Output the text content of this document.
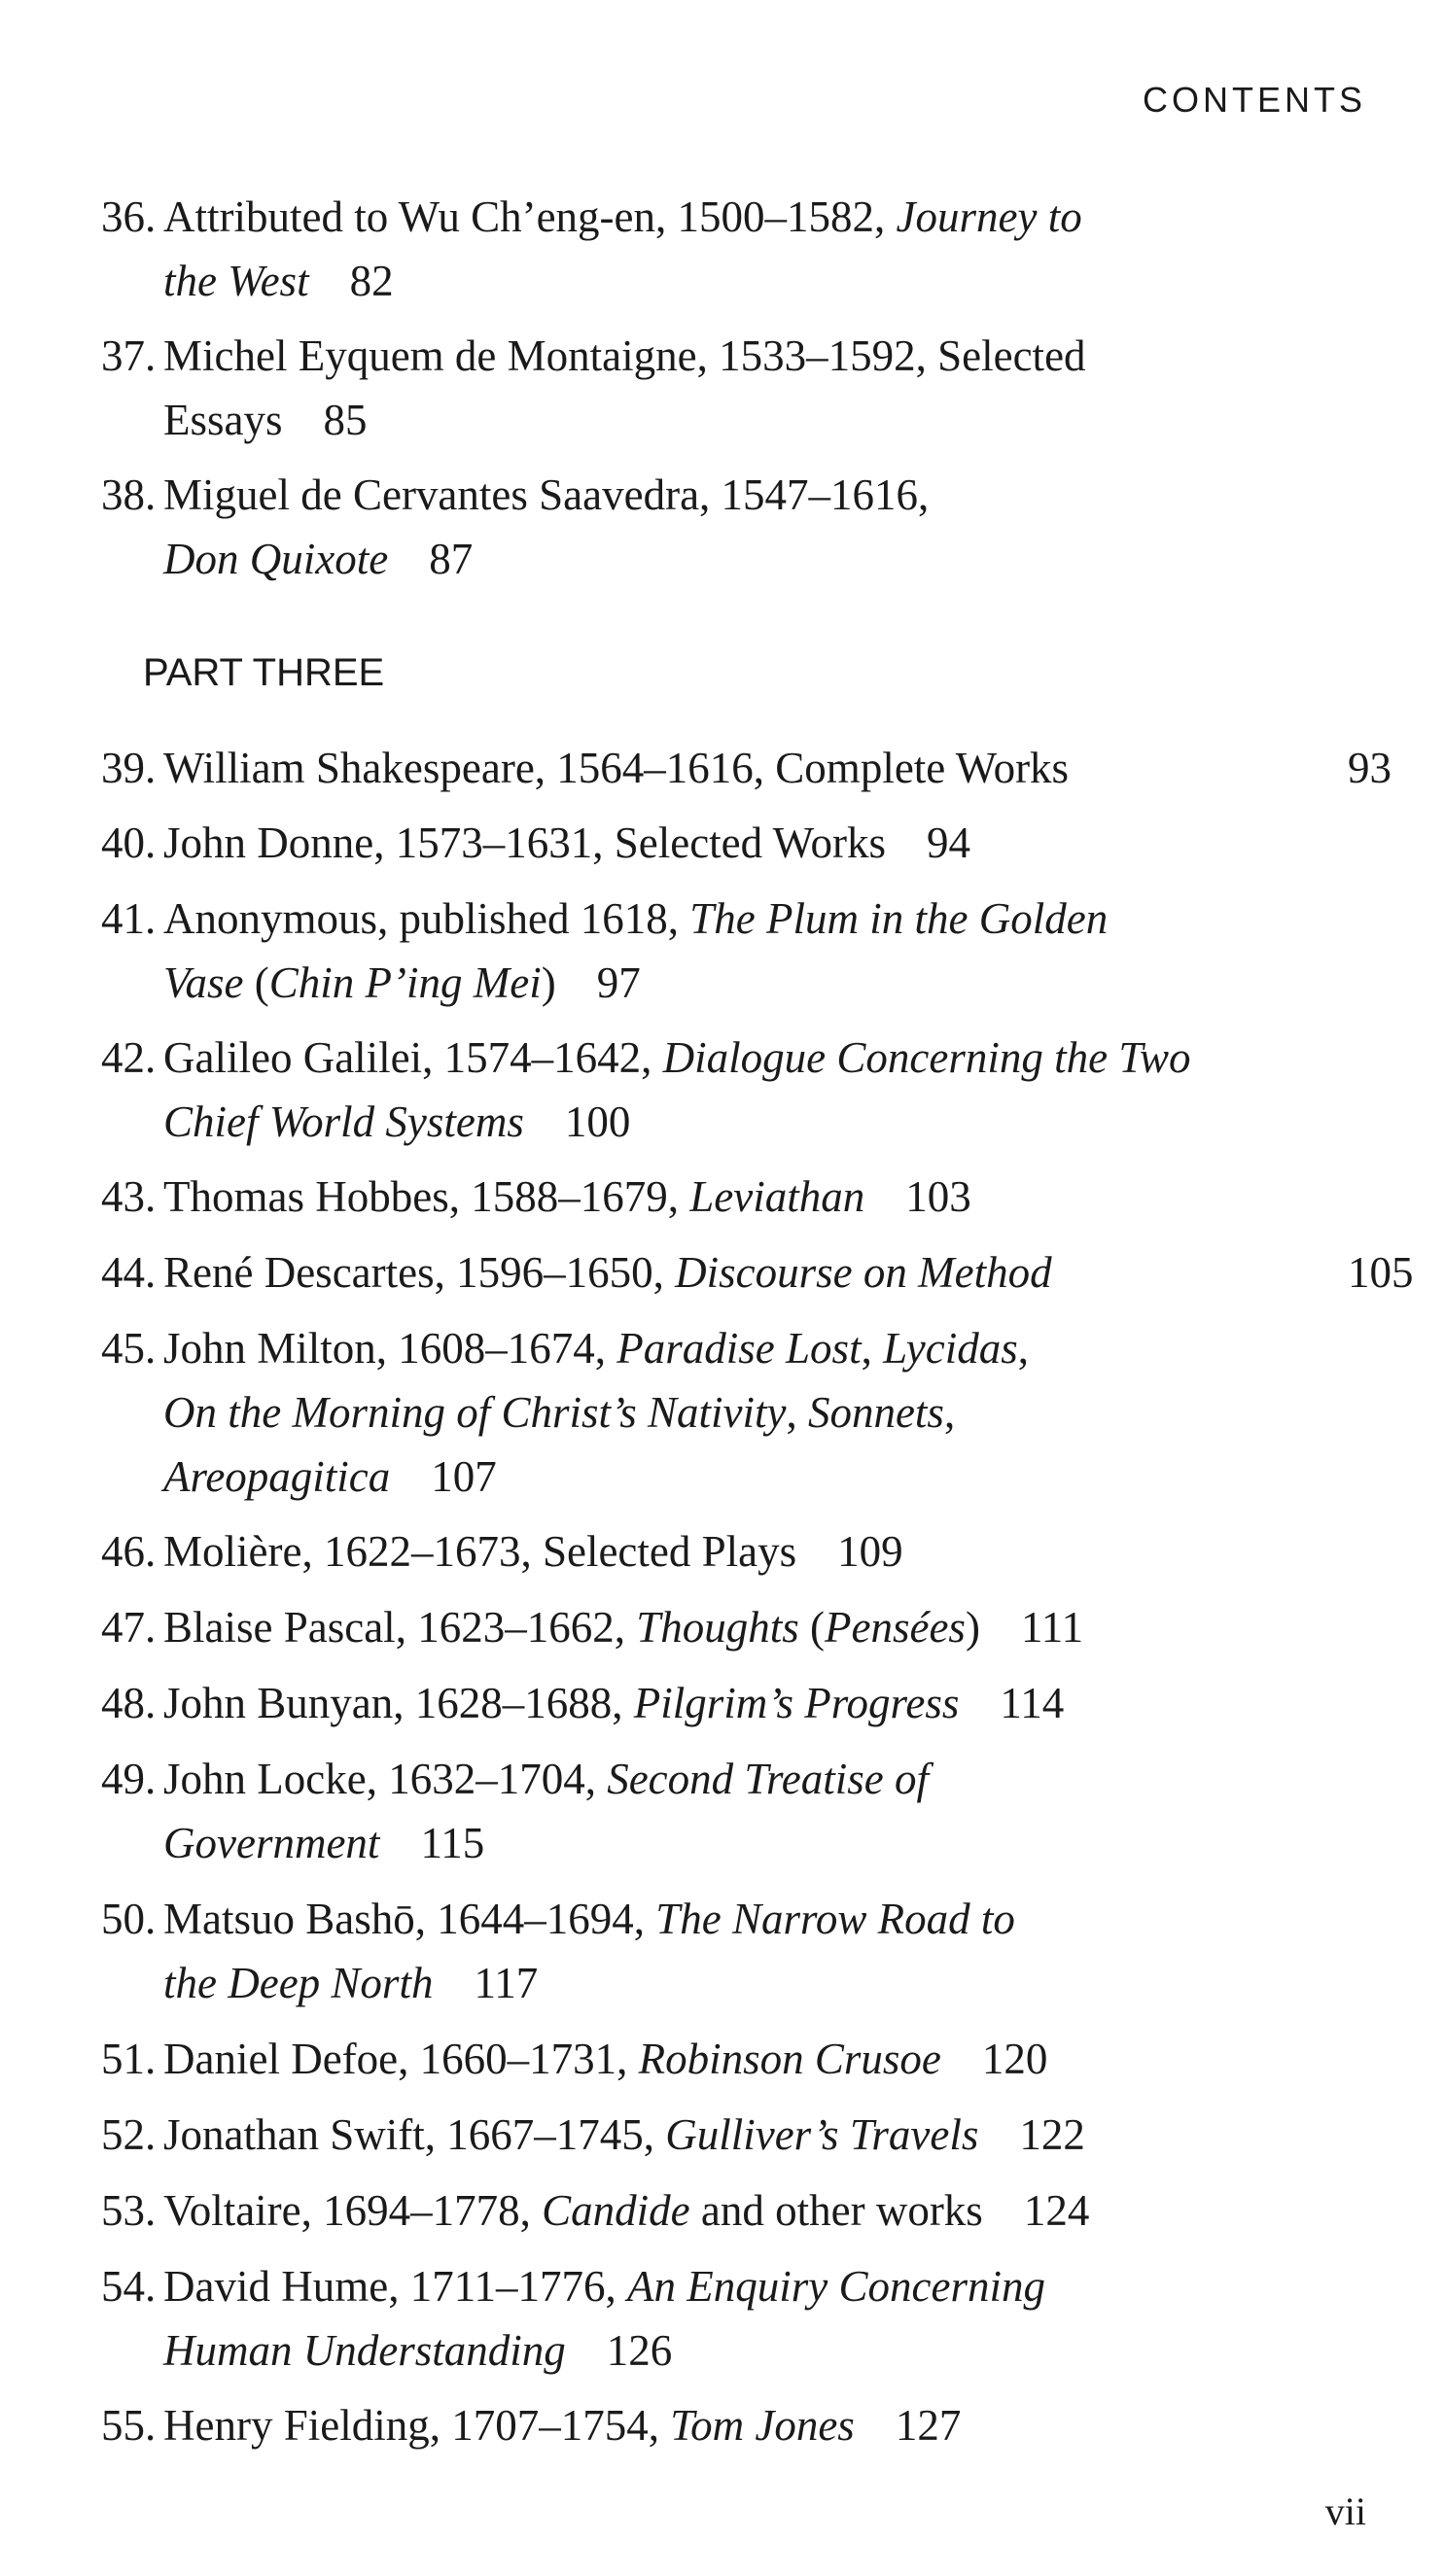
CONTENTS
PART THREE
36. Attributed to Wu Ch’eng-en, 1500–1582, Journey to
the West 82
37. Michel Eyquem de Montaigne, 1533–1592, Selected
Essays 85
38. Miguel de Cervantes Saavedra, 1547–1616,
Don Quixote 87
39. William Shakespeare, 1564–1616, Complete Works	93
40. John Donne, 1573–1631, Selected Works 94
41. Anonymous, published 1618, The Plum in the Golden
Vase (Chin P’ing Mei) 97
42. Galileo Galilei, 1574–1642, Dialogue Concerning the Two
Chief World Systems 100
43. Thomas Hobbes, 1588–1679, Leviathan 103
44. René Descartes, 1596–1650, Discourse on Method	105
45. John Milton, 1608–1674, Paradise Lost, Lycidas,
On the Morning of Christ’s Nativity, Sonnets,
Areopagitica 107
46. Molière, 1622–1673, Selected Plays 109
47. Blaise Pascal, 1623–1662, Thoughts (Pensées) 111
48. John Bunyan, 1628–1688, Pilgrim’s Progress 114
49. John Locke, 1632–1704, Second Treatise of
Government 115
50. Matsuo Bashō, 1644–1694, The Narrow Road to
the Deep North 117
51. Daniel Defoe, 1660–1731, Robinson Crusoe 120
52. Jonathan Swift, 1667–1745, Gulliver’s Travels 122
53. Voltaire, 1694–1778, Candide and other works 124
54. David Hume, 1711–1776, An Enquiry Concerning
Human Understanding 126
55. Henry Fielding, 1707–1754, Tom Jones 127
vii
